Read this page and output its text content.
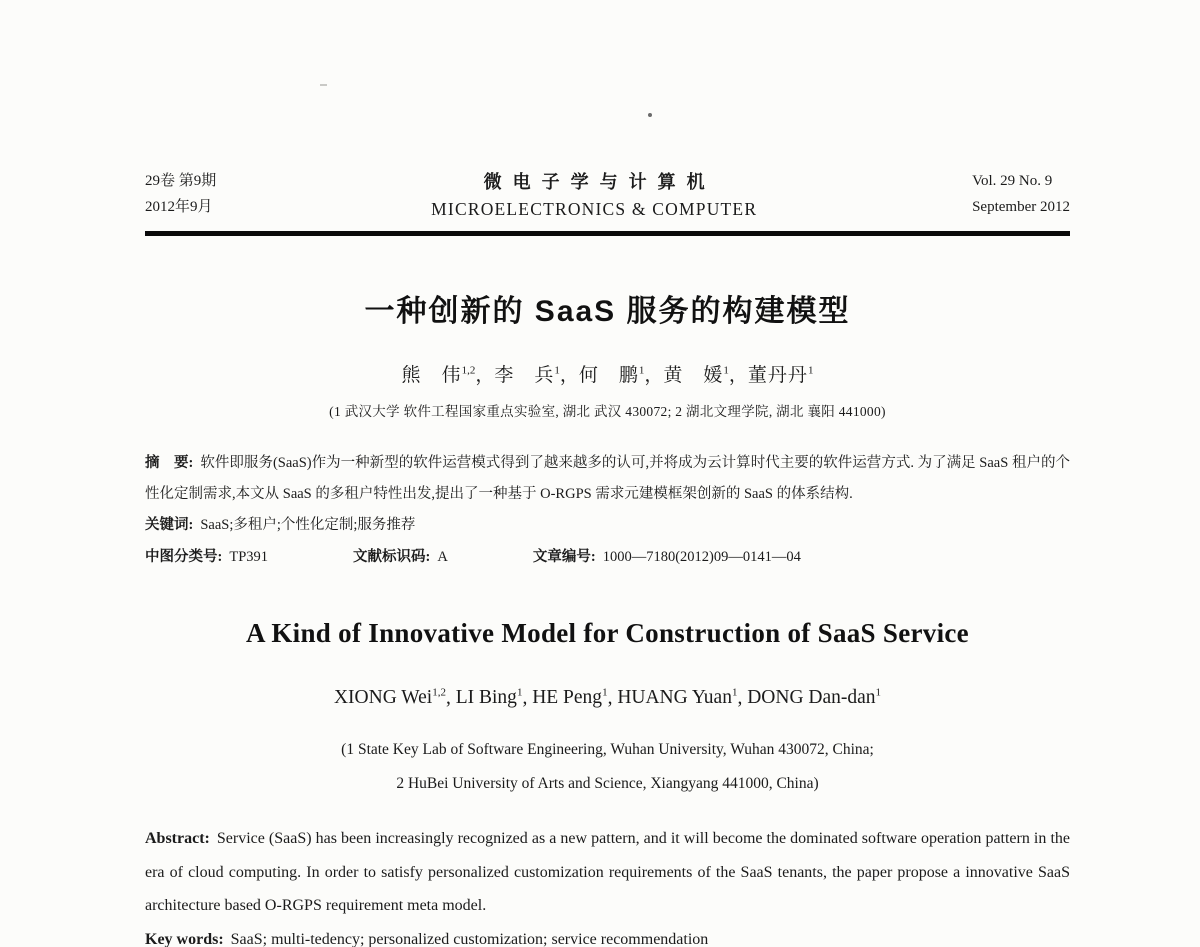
29卷 第9期
2012年9月
微电子学与计算机
MICROELECTRONICS & COMPUTER
Vol. 29 No. 9
September 2012
一种创新的 SaaS 服务的构建模型
熊　伟$^{1,2}$，李　兵$^1$，何　鹏$^1$，黄　媛$^1$，董丹丹$^1$
(1 武汉大学 软件工程国家重点实验室, 湖北 武汉 430072; 2 湖北文理学院, 湖北 襄阳 441000)

摘　要: 软件即服务(SaaS)作为一种新型的软件运营模式得到了越来越多的认可,并将成为云计算时代主要的软件运营方式. 为了满足 SaaS 租户的个性化定制需求,本文从 SaaS 的多租户特性出发,提出了一种基于 O-RGPS 需求元建模框架创新的 SaaS 的体系结构.

关键词: SaaS;多租户;个性化定制;服务推荐

中图分类号: TP391	文献标识码: A	文章编号: 1000—7180(2012)09—0141—04
A Kind of Innovative Model for Construction of SaaS Service
XIONG Wei$^{1,2}$, LI Bing$^1$, HE Peng$^1$, HUANG Yuan$^1$, DONG Dan-dan$^1$
(1 State Key Lab of Software Engineering, Wuhan University, Wuhan 430072, China;
2 HuBei University of Arts and Science, Xiangyang 441000, China)

Abstract: Service (SaaS) has been increasingly recognized as a new pattern, and it will become the dominated software operation pattern in the era of cloud computing. In order to satisfy personalized customization requirements of the SaaS tenants, the paper propose a innovative SaaS architecture based O-RGPS requirement meta model.

Key words: SaaS; multi-tedency; personalized customization; service recommendation
